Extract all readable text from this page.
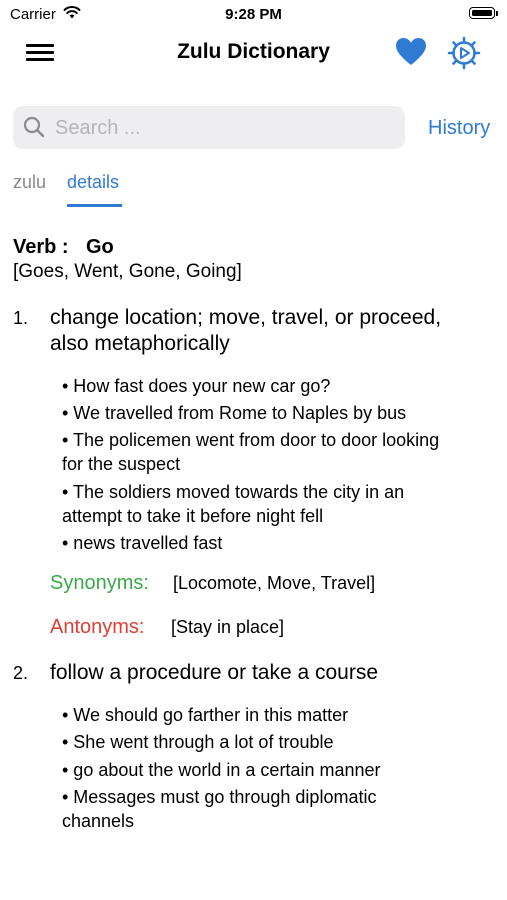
Carrier	9:28 PM
Zulu Dictionary
Search ...
History
zulu details
Verb : Go
[Goes, Went, Gone, Going]
1. change location; move, travel, or proceed,
also metaphorically
• How fast does your new car go?
• We travelled from Rome to Naples by bus
• The policemen went from door to door looking
for the suspect
• The soldiers moved towards the city in an
attempt to take it before night fell
• news travelled fast
Synonyms: [Locomote, Move, Travel]
Antonyms: [Stay in place]
2. follow a procedure or take a course
• We should go farther in this matter
• She went through a lot of trouble
• go about the world in a certain manner
• Messages must go through diplomatic
channels
